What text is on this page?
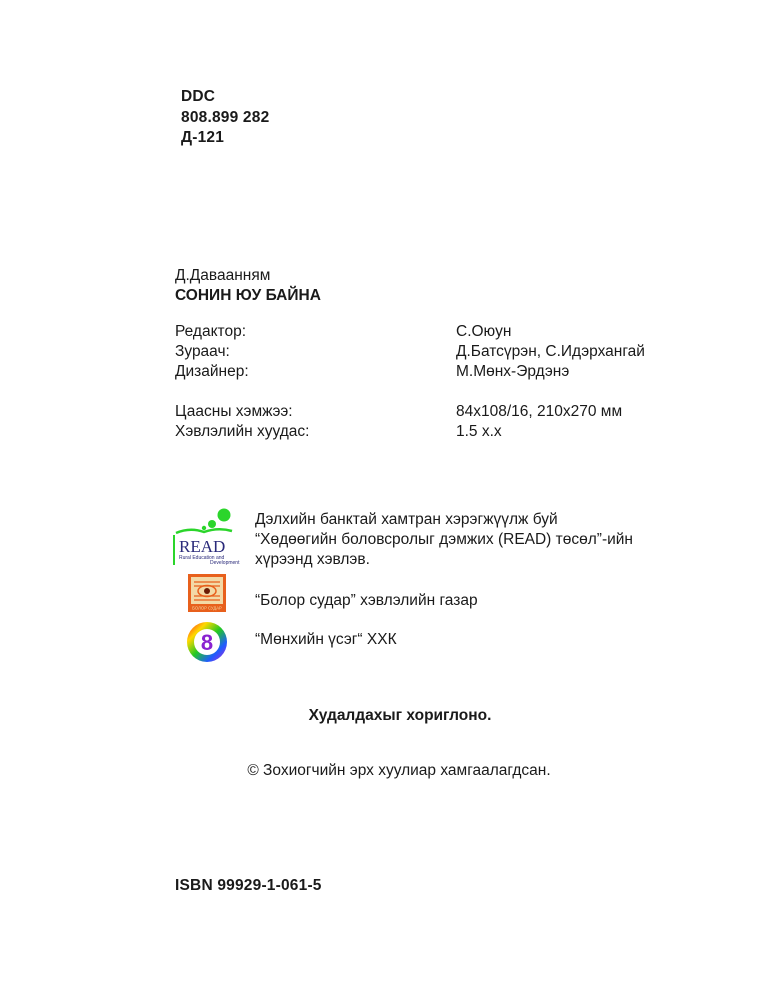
DDC
808.899 282
Д-121
Д.Даваанням
СОНИН ЮУ БАЙНА
Редактор:	С.Оюун
Зураач:	Д.Батсүрэн, С.Идэрхангай
Дизайнер:	М.Мөнх-Эрдэнэ
Цаасны хэмжээ:	84x108/16, 210x270 мм
Хэвлэлийн хуудас:	1.5 х.х
READ
Rural Education and
Development
Дэлхийн банктай хамтран хэрэгжүүлж буй
“Хөдөөгийн боловсролыг дэмжих (READ) төсөл”-ийн
хүрээнд хэвлэв.
БОЛОР СУДАР “Болор судар” хэвлэлийн газар
8	“Мөнхийн үсэг“ ХХК
Худалдахыг хориглоно.
© Зохиогчийн эрх хуулиар хамгаалагдсан.
ISBN 99929-1-061-5
